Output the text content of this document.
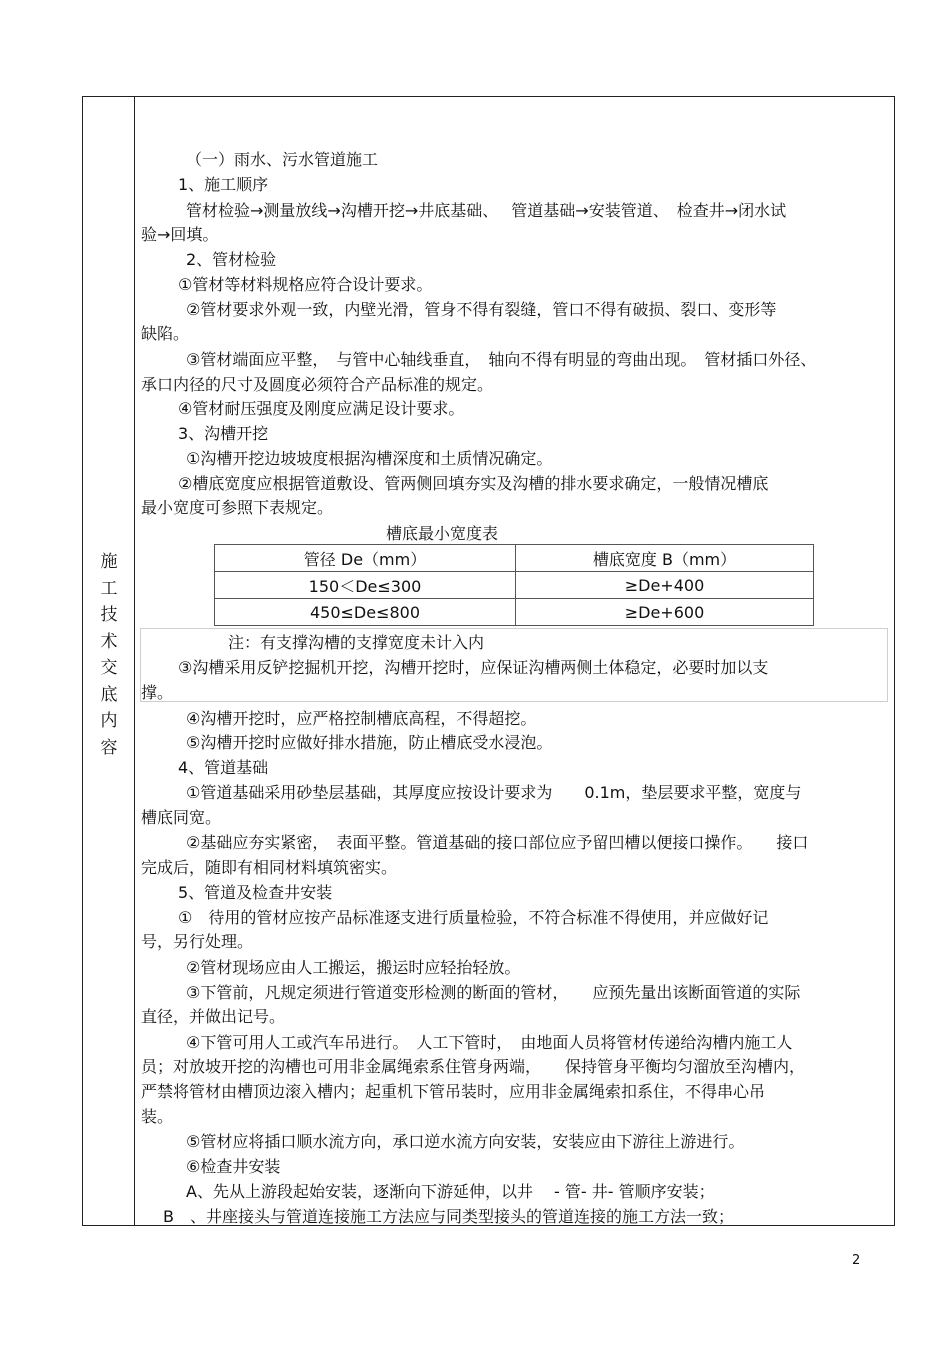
施
工
技
术
交
底
内
容
（一）雨水、污水管道施工
1、施工顺序
管材检验→测量放线→沟槽开挖→井底基础、　 管道基础→安装管道、　检查井→闭水试
验→回填。
2、管材检验
①管材等材料规格应符合设计要求。
②管材要求外观一致，内壁光滑，管身不得有裂缝，管口不得有破损、裂口、变形等
缺陷。
③管材端面应平整，　与管中心轴线垂直，　轴向不得有明显的弯曲出现。　管材插口外径、
承口内径的尺寸及圆度必须符合产品标准的规定。
④管材耐压强度及刚度应满足设计要求。
3、沟槽开挖
①沟槽开挖边坡坡度根据沟槽深度和土质情况确定。
②槽底宽度应根据管道敷设、管两侧回填夯实及沟槽的排水要求确定，一般情况槽底
最小宽度可参照下表规定。
注：有支撑沟槽的支撑宽度未计入内
③沟槽采用反铲挖掘机开挖，沟槽开挖时，应保证沟槽两侧土体稳定，必要时加以支
撑。
④沟槽开挖时，应严格控制槽底高程，不得超挖。
⑤沟槽开挖时应做好排水措施，防止槽底受水浸泡。
4、管道基础
①管道基础采用砂垫层基础，其厚度应按设计要求为　　0.1m，垫层要求平整，宽度与
槽底同宽。
②基础应夯实紧密，　表面平整。管道基础的接口部位应予留凹槽以便接口操作。　　接口
完成后，随即有相同材料填筑密实。
5、管道及检查井安装
①　待用的管材应按产品标准逐支进行质量检验，不符合标准不得使用，并应做好记
号，另行处理。
②管材现场应由人工搬运，搬运时应轻抬轻放。
③下管前，凡规定须进行管道变形检测的断面的管材，　　应预先量出该断面管道的实际
直径，并做出记号。
④下管可用人工或汽车吊进行。　人工下管时，　由地面人员将管材传递给沟槽内施工人
员；对放坡开挖的沟槽也可用非金属绳索系住管身两端，　　保持管身平衡均匀溜放至沟槽内，
严禁将管材由槽顶边滚入槽内；起重机下管吊装时，应用非金属绳索扣系住，不得串心吊
装。
⑤管材应将插口顺水流方向，承口逆水流方向安装，安装应由下游往上游进行。
⑥检查井安装
A、先从上游段起始安装，逐渐向下游延伸，以井　 - 管- 井- 管顺序安装；
B　、井座接头与管道连接施工方法应与同类型接头的管道连接的施工方法一致；
槽底最小宽度表
管径 De（mm）	槽底宽度 B（mm）
150＜De≤300	≥De+400
450≤De≤800	≥De+600
2
